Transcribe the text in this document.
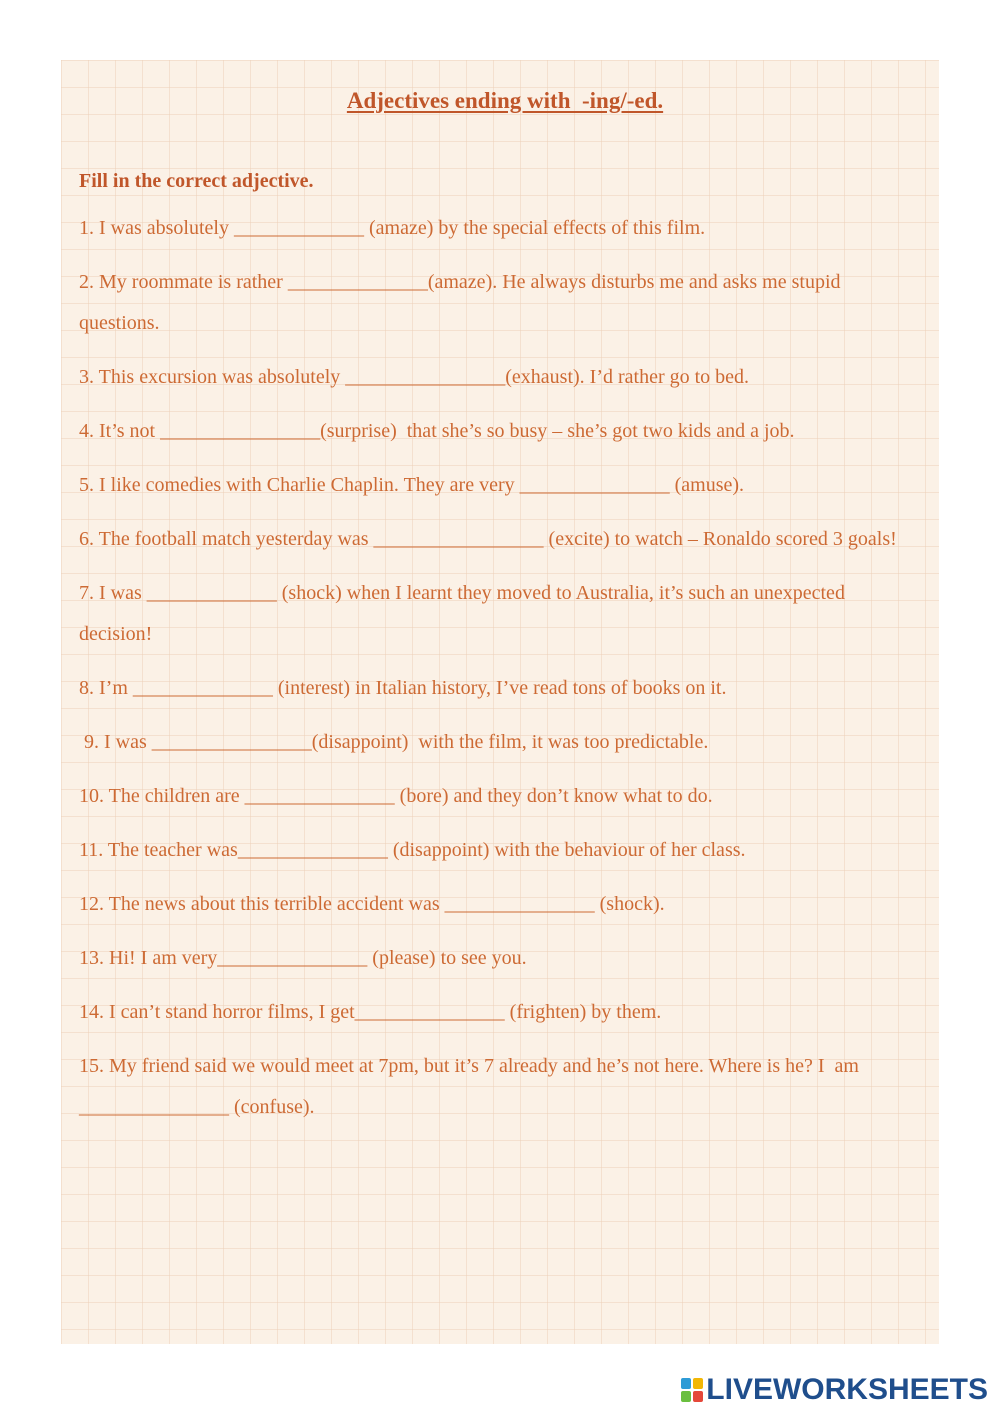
Adjectives ending with  -ing/-ed.
Fill in the correct adjective.
1. I was absolutely _____________ (amaze) by the special effects of this film.
2. My roommate is rather ______________(amaze). He always disturbs me and asks me stupid questions.
3. This excursion was absolutely ________________(exhaust). I’d rather go to bed.
4. It’s not ________________(surprise)  that she’s so busy – she’s got two kids and a job.
5. I like comedies with Charlie Chaplin. They are very _______________ (amuse).
6. The football match yesterday was _________________ (excite) to watch – Ronaldo scored 3 goals!
7. I was _____________ (shock) when I learnt they moved to Australia, it’s such an unexpected decision!
8. I’m ______________ (interest) in Italian history, I’ve read tons of books on it.
9. I was ________________(disappoint)  with the film, it was too predictable.
10. The children are _______________ (bore) and they don’t know what to do.
11. The teacher was_______________ (disappoint) with the behaviour of her class.
12. The news about this terrible accident was _______________ (shock).
13. Hi! I am very_______________ (please) to see you.
14. I can’t stand horror films, I get_______________ (frighten) by them.
15. My friend said we would meet at 7pm, but it’s 7 already and he’s not here. Where is he? I  am _______________ (confuse).
LIVEWORKSHEETS
